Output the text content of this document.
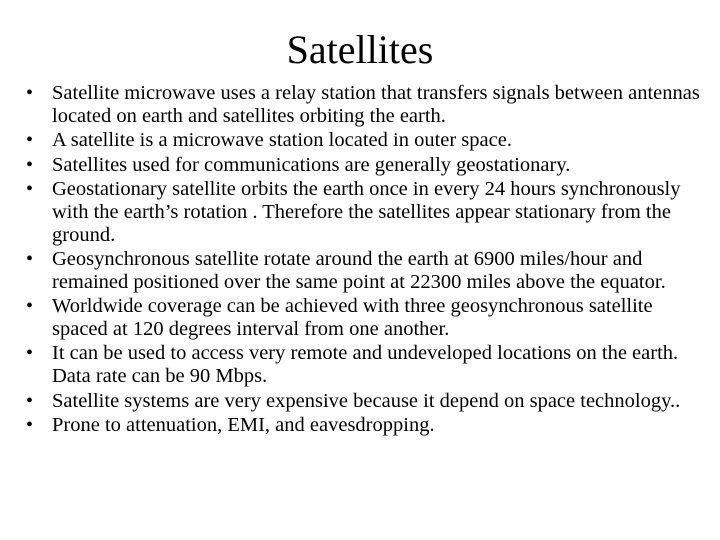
Satellites
• Satellite microwave uses a relay station that transfers signals between antennas located on earth and satellites orbiting the earth.
• A satellite is a microwave station located in outer space.
• Satellites used for communications are generally geostationary.
• Geostationary satellite orbits the earth once in every 24 hours synchronously with the earth’s rotation . Therefore the satellites appear stationary from the ground.
• Geosynchronous satellite rotate around the earth at 6900 miles/hour and remained positioned over the same point at 22300 miles above the equator.
• Worldwide coverage can be achieved with three geosynchronous satellite spaced at 120 degrees interval from one another.
• It can be used to access very remote and undeveloped locations on the earth. Data rate can be 90 Mbps.
• Satellite systems are very expensive because it depend on space technology..
• Prone to attenuation, EMI, and eavesdropping.
